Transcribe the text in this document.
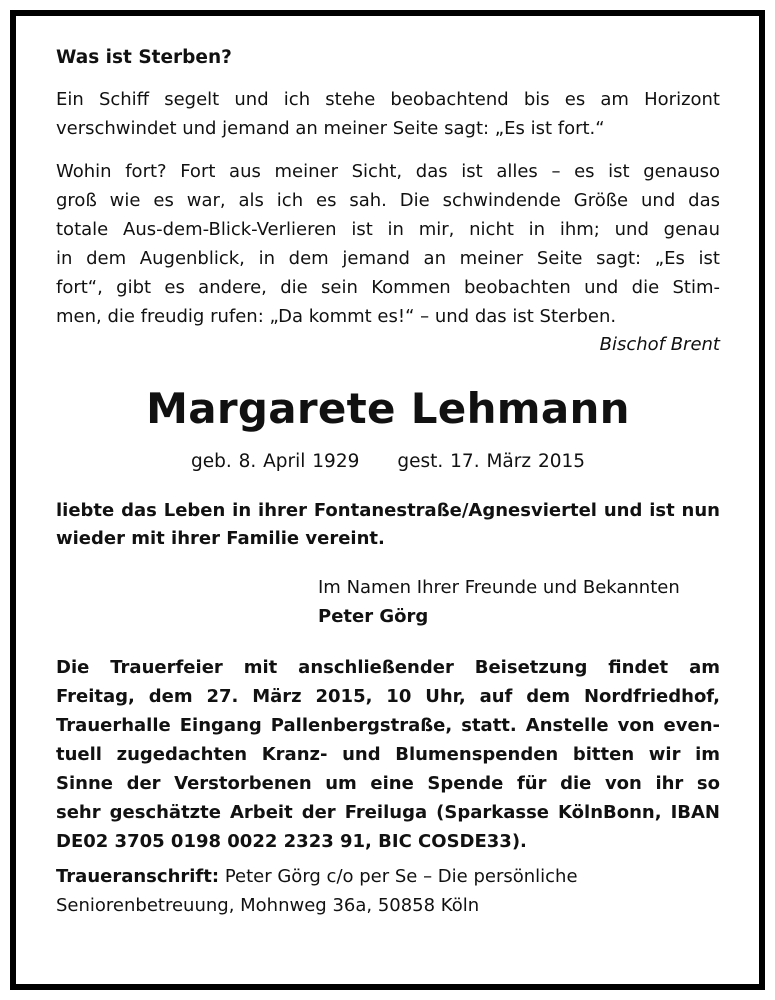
Was ist Sterben?
Ein Schiff segelt und ich stehe beobachtend bis es am Horizont
verschwindet und jemand an meiner Seite sagt: „Es ist fort.“
Wohin fort? Fort aus meiner Sicht, das ist alles – es ist genauso
groß wie es war, als ich es sah. Die schwindende Größe und das
totale Aus-dem-Blick-Verlieren ist in mir, nicht in ihm; und genau
in dem Augenblick, in dem jemand an meiner Seite sagt: „Es ist
fort“, gibt es andere, die sein Kommen beobachten und die Stim-
men, die freudig rufen: „Da kommt es!“ – und das ist Sterben.
Bischof Brent
Margarete Lehmann
geb. 8. April 1929 gest. 17. März 2015
liebte das Leben in ihrer Fontanestraße/Agnesviertel und ist nun
wieder mit ihrer Familie vereint.
Im Namen Ihrer Freunde und Bekannten
Peter Görg
Die Trauerfeier mit anschließender Beisetzung findet am
Freitag, dem 27. März 2015, 10 Uhr, auf dem Nordfriedhof,
Trauerhalle Eingang Pallenbergstraße, statt. Anstelle von even-
tuell zugedachten Kranz- und Blumenspenden bitten wir im
Sinne der Verstorbenen um eine Spende für die von ihr so
sehr geschätzte Arbeit der Freiluga (Sparkasse KölnBonn, IBAN
DE02 3705 0198 0022 2323 91, BIC COSDE33).
Traueranschrift: Peter Görg c/o per Se – Die persönliche
Seniorenbetreuung, Mohnweg 36a, 50858 Köln
